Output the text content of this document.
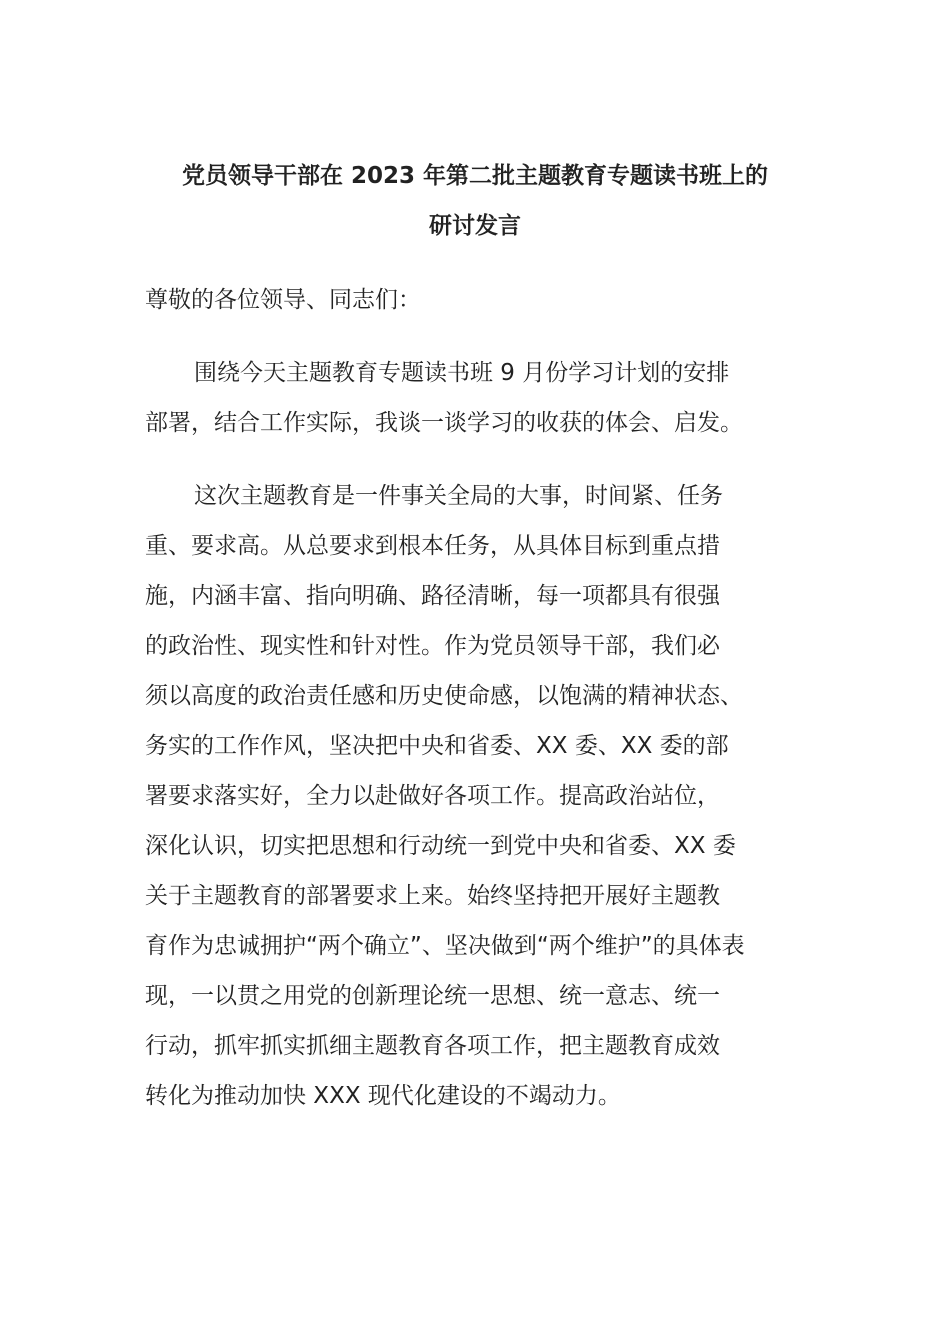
党员领导干部在 2023 年第二批主题教育专题读书班上的
研讨发言
尊敬的各位领导、同志们：
围绕今天主题教育专题读书班 9 月份学习计划的安排
部署，结合工作实际，我谈一谈学习的收获的体会、启发。
这次主题教育是一件事关全局的大事，时间紧、任务
重、要求高。从总要求到根本任务，从具体目标到重点措
施，内涵丰富、指向明确、路径清晰，每一项都具有很强
的政治性、现实性和针对性。作为党员领导干部，我们必
须以高度的政治责任感和历史使命感，以饱满的精神状态、
务实的工作作风，坚决把中央和省委、XX 委、XX 委的部
署要求落实好，全力以赴做好各项工作。提高政治站位，
深化认识，切实把思想和行动统一到党中央和省委、XX 委
关于主题教育的部署要求上来。始终坚持把开展好主题教
育作为忠诚拥护“两个确立”、坚决做到“两个维护”的具体表
现，一以贯之用党的创新理论统一思想、统一意志、统一
行动，抓牢抓实抓细主题教育各项工作，把主题教育成效
转化为推动加快 XXX 现代化建设的不竭动力。
